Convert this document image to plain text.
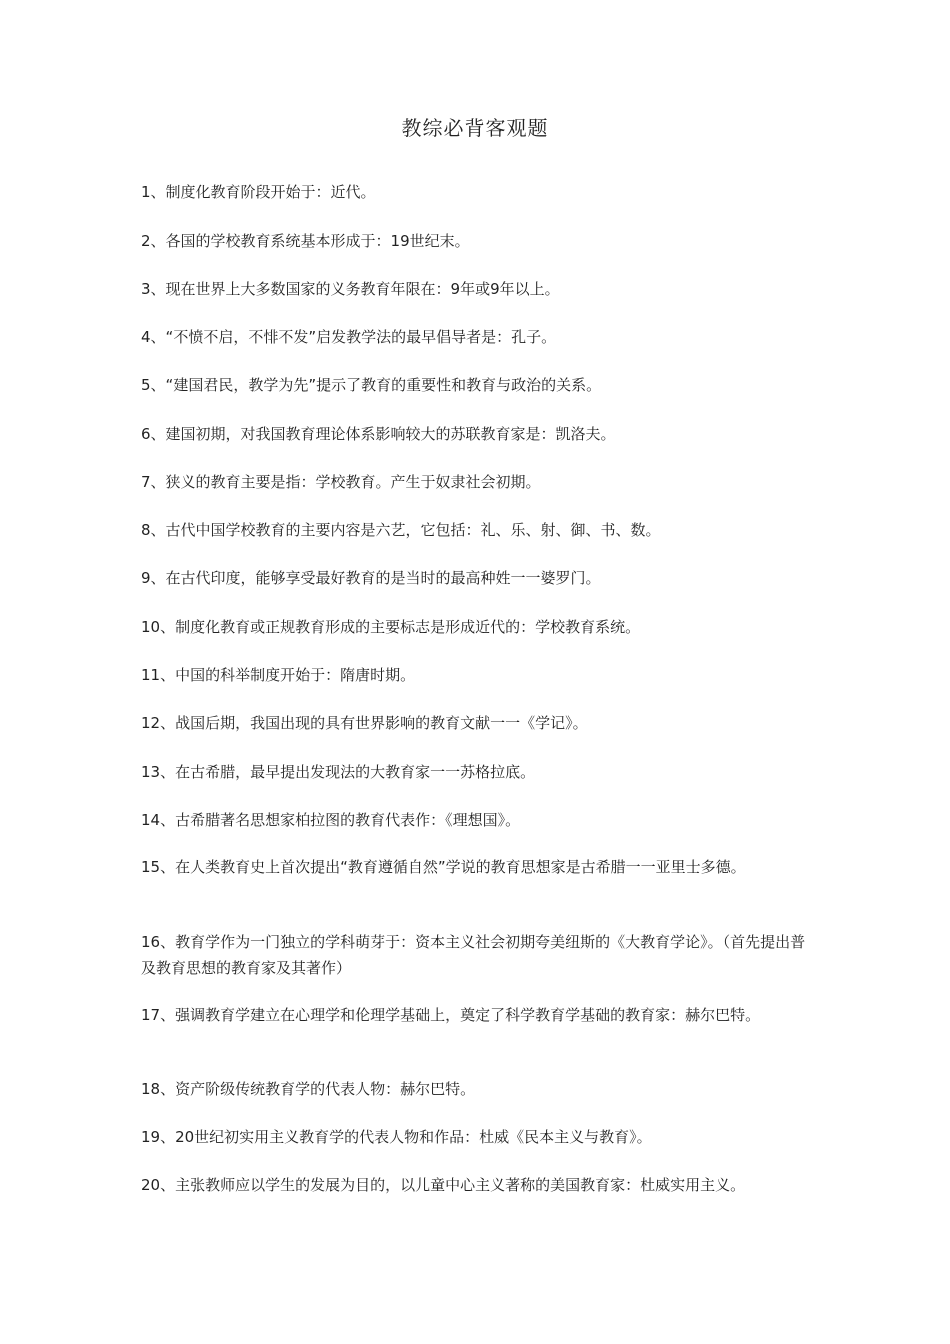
教综必背客观题
1、制度化教育阶段开始于：近代。
2、各国的学校教育系统基本形成于：19世纪末。
3、现在世界上大多数国家的义务教育年限在：9年或9年以上。
4、“不愤不启，不悱不发”启发教学法的最早倡导者是：孔子。
5、“建国君民，教学为先”提示了教育的重要性和教育与政治的关系。
6、建国初期，对我国教育理论体系影响较大的苏联教育家是：凯洛夫。
7、狭义的教育主要是指：学校教育。产生于奴隶社会初期。
8、古代中国学校教育的主要内容是六艺，它包括：礼、乐、射、御、书、数。
9、在古代印度，能够享受最好教育的是当时的最高种姓一一婆罗门。
10、制度化教育或正规教育形成的主要标志是形成近代的：学校教育系统。
11、中国的科举制度开始于：隋唐时期。
12、战国后期，我国出现的具有世界影响的教育文献一一《学记》。
13、在古希腊，最早提出发现法的大教育家一一苏格拉底。
14、古希腊著名思想家柏拉图的教育代表作：《理想国》。
15、在人类教育史上首次提出“教育遵循自然”学说的教育思想家是古希腊一一亚里士多德。
16、教育学作为一门独立的学科萌芽于：资本主义社会初期夸美纽斯的《大教育学论》。（首先提出普及教育思想的教育家及其著作）
17、强调教育学建立在心理学和伦理学基础上，奠定了科学教育学基础的教育家：赫尔巴特。
18、资产阶级传统教育学的代表人物：赫尔巴特。
19、20世纪初实用主义教育学的代表人物和作品：杜威《民本主义与教育》。
20、主张教师应以学生的发展为目的，以儿童中心主义著称的美国教育家：杜威实用主义。
